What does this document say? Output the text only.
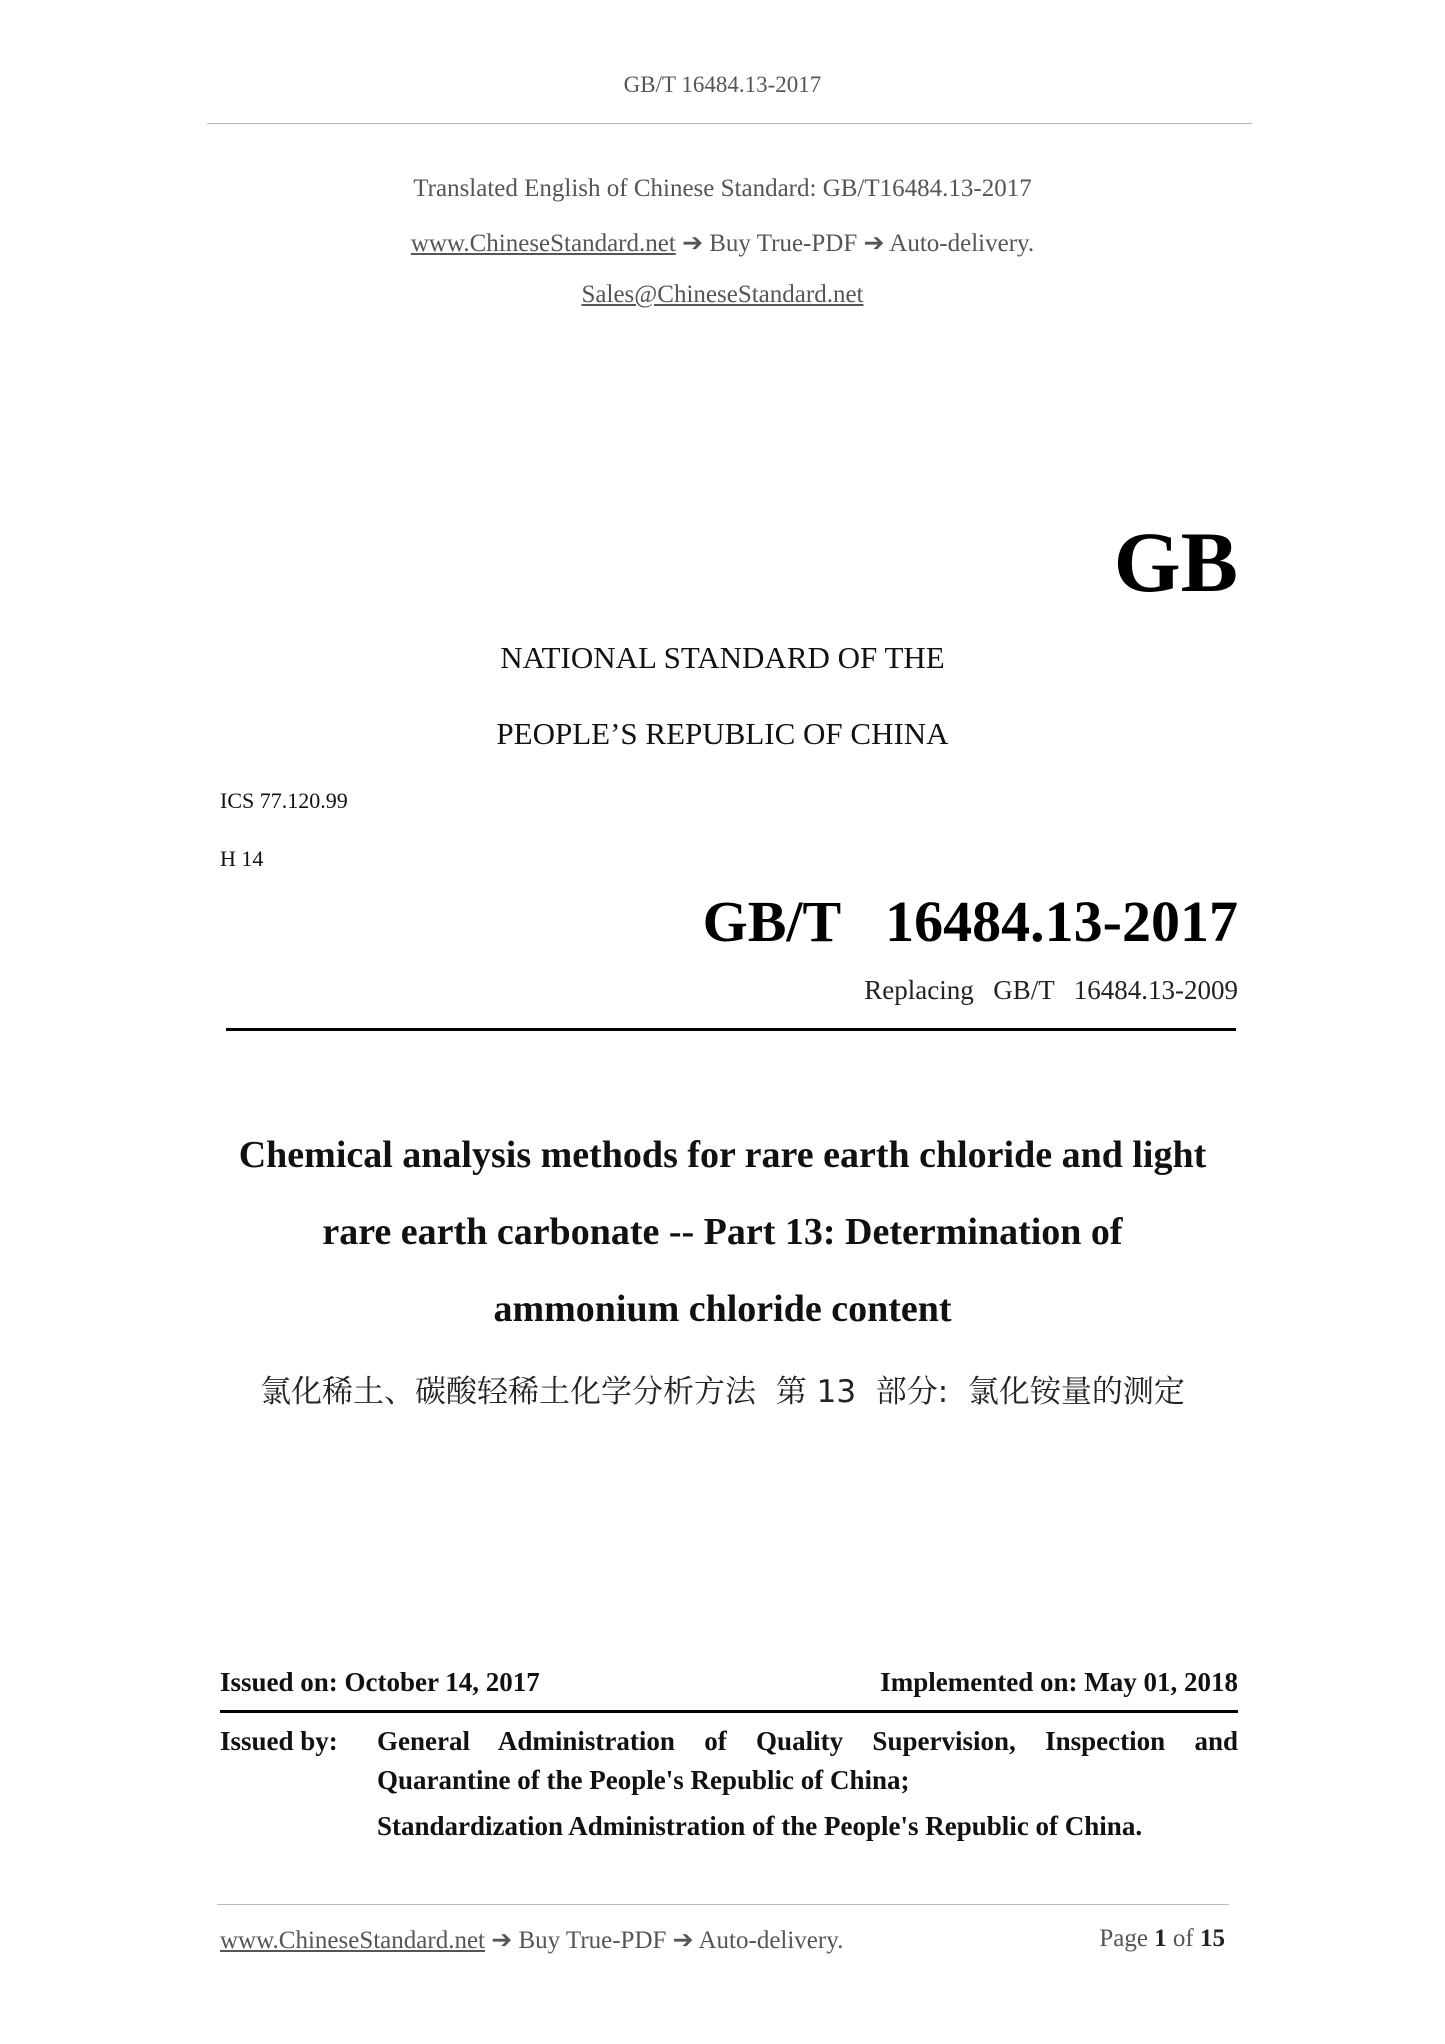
GB/T 16484.13-2017
Translated English of Chinese Standard: GB/T16484.13-2017
www.ChineseStandard.net ➔ Buy True-PDF ➔ Auto-delivery.
Sales@ChineseStandard.net
GB
NATIONAL STANDARD OF THE
PEOPLE’S REPUBLIC OF CHINA
ICS 77.120.99
H 14
GB/T  16484.13-2017
Replacing  GB/T  16484.13-2009
Chemical analysis methods for rare earth chloride and light
rare earth carbonate -- Part 13: Determination of
ammonium chloride content
氯化稀土、碳酸轻稀土化学分析方法  第 13  部分:  氯化铵量的测定
Issued on: October 14, 2017	Implemented on: May 01, 2018
Issued by: General Administration of Quality Supervision, Inspection and
Quarantine of the People's Republic of China;
Standardization Administration of the People's Republic of China.
www.ChineseStandard.net ➔ Buy True-PDF ➔ Auto-delivery.	Page 1 of 15
